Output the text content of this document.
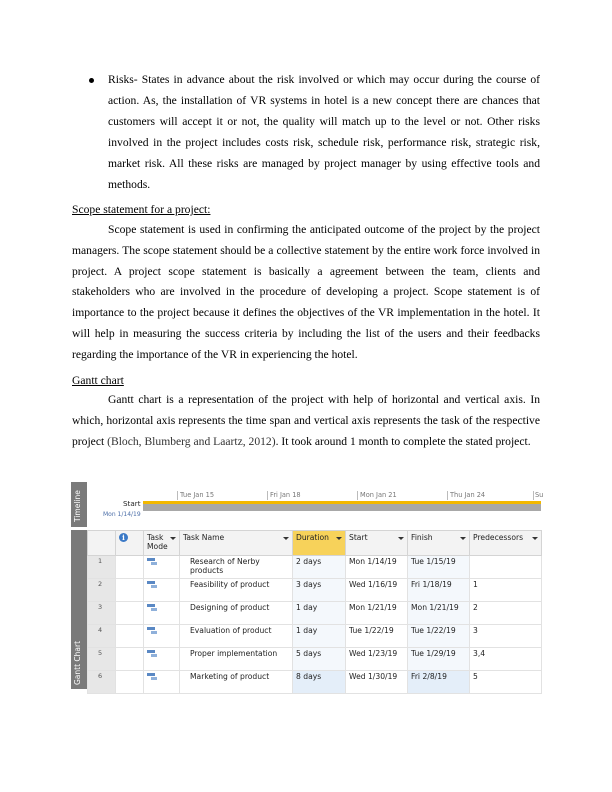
Risks- States in advance about the risk involved or which may occur during the course of action. As, the installation of VR systems in hotel is a new concept there are chances that customers will accept it or not, the quality will match up to the level or not. Other risks involved in the project includes costs risk, schedule risk, performance risk, strategic risk, market risk. All these risks are managed by project manager by using effective tools and methods.
Scope statement for a project:

Scope statement is used in confirming the anticipated outcome of the project by the project managers. The scope statement should be a collective statement by the entire work force involved in project. A project scope statement is basically a agreement between the team, clients and stakeholders who are involved in the procedure of developing a project. Scope statement is of importance to the project because it defines the objectives of the VR implementation in the hotel. It will help in measuring the success criteria by including the list of the users and their feedbacks regarding the importance of the VR in experiencing the hotel.

Gantt chart

Gantt chart is a representation of the project with help of horizontal and vertical axis. In which, horizontal axis represents the time span and vertical axis represents the task of the respective project (Bloch, Blumberg and Laartz, 2012). It took around 1 month to complete the stated project.

Timeline	Tue Jan 15	Fri Jan 18	Mon Jan 21	Thu Jan 24	Su
Start
Mon 1/14/19
Gantt Chart
	i	Task Mode	Task Name	Duration	Start	Finish	Predecessors

1			Research of Nerby products	2 days	Mon 1/14/19	Tue 1/15/19	
2			Feasibility of product	3 days	Wed 1/16/19	Fri 1/18/19	1
3			Designing of product	1 day	Mon 1/21/19	Mon 1/21/19	2
4			Evaluation of product	1 day	Tue 1/22/19	Tue 1/22/19	3
5			Proper implementation	5 days	Wed 1/23/19	Tue 1/29/19	3,4
6			Marketing of product	8 days	Wed 1/30/19	Fri 2/8/19	5
